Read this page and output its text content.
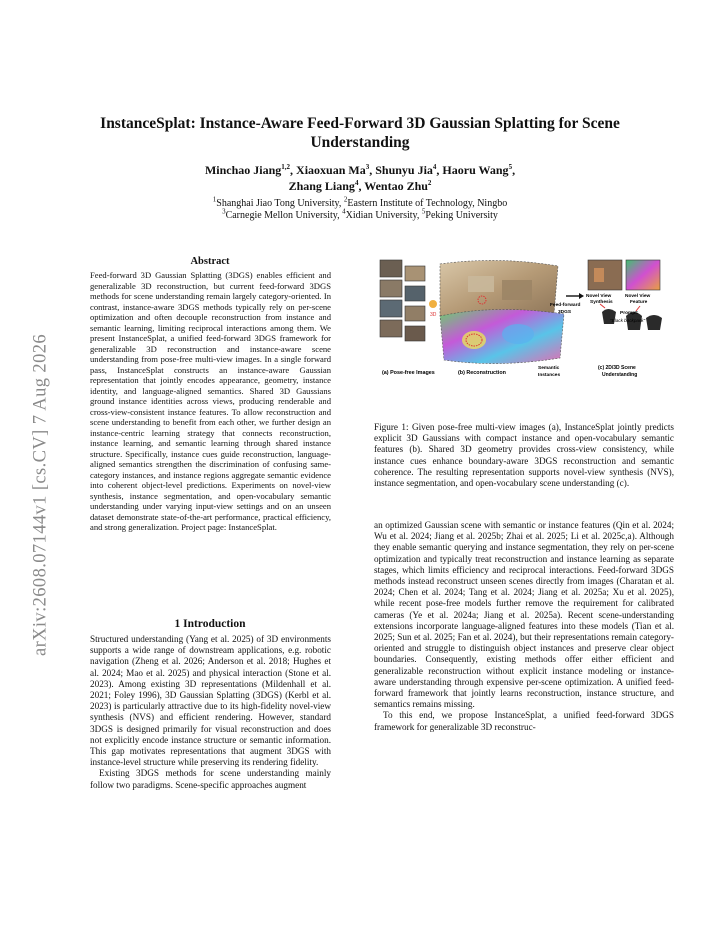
arXiv:2608.07144v1 [cs.CV] 7 Aug 2026
InstanceSplat: Instance-Aware Feed-Forward 3D Gaussian Splatting for Scene Understanding
Minchao Jiang$^{1,2}$, Xiaoxuan Ma$^3$, Shunyu Jia$^4$, Haoru Wang$^5$,
Zhang Liang$^4$, Wentao Zhu$^2$
$^1$Shanghai Jiao Tong University, $^2$Eastern Institute of Technology, Ningbo
$^3$Carnegie Mellon University, $^4$Xidian University, $^5$Peking University
Abstract

Feed-forward 3D Gaussian Splatting (3DGS) enables efficient and generalizable 3D reconstruction, but current feed-forward 3DGS methods for scene understanding remain largely category-oriented. In contrast, instance-aware 3DGS methods typically rely on per-scene optimization and often decouple reconstruction from instance and semantic learning, limiting reciprocal interactions among them. We present InstanceSplat, a unified feed-forward 3DGS framework for generalizable 3D reconstruction and instance-aware scene understanding from pose-free multi-view images. In a single forward pass, InstanceSplat constructs an instance-aware Gaussian representation that jointly encodes appearance, geometry, instance identity, and language-aligned semantics. Shared 3D Gaussians ground instance identities across views, producing renderable and cross-view-consistent instance features. To allow reconstruction and scene understanding to benefit from each other, we further design an instance-centric learning strategy that connects reconstruction, instance learning, and semantic learning through shared instance structure. Specifically, instance cues guide reconstruction, language-aligned semantics strengthen the discrimination of confusing same-category instances, and instance regions aggregate semantic evidence into coherent object-level predictions. Experiments on novel-view synthesis, instance segmentation, and open-vocabulary semantic understanding under varying input-view settings and on an unseen dataset demonstrate state-of-the-art performance, practical efficiency, and strong generalization. Project page: InstanceSplat.

1 Introduction

Structured understanding (Yang et al. 2025) of 3D environments supports a wide range of downstream applications, e.g. robotic navigation (Zheng et al. 2026; Anderson et al. 2018; Hughes et al. 2024; Mao et al. 2025) and physical interaction (Stone et al. 2023). Among existing 3D representations (Mildenhall et al. 2021; Foley 1996), 3D Gaussian Splatting (3DGS) (Kerbl et al. 2023) is particularly attractive due to its high-fidelity novel-view synthesis (NVS) and efficient rendering. However, standard 3DGS is designed primarily for visual reconstruction and does not explicitly encode instance structure or semantic information. This gap motivates representations that augment 3DGS with instance-level structure while preserving its rendering fidelity.

Existing 3DGS methods for scene understanding mainly follow two paradigms. Scene-specific approaches augment

3D
(a) Pose-free Images	(b) Reconstruction
Semantic
Instances
Feed-forward
3DGS
Novel View
Synthesis
Novel View
Feature
Prompt:
"Black backpack"
(c) 2D/3D Scene
Understanding

Figure 1: Given pose-free multi-view images (a), InstanceSplat jointly predicts explicit 3D Gaussians with compact instance and open-vocabulary semantic features (b). Shared 3D geometry provides cross-view consistency, while instance cues enhance boundary-aware 3DGS reconstruction and semantic coherence. The resulting representation supports novel-view synthesis (NVS), instance segmentation, and open-vocabulary scene understanding (c).

an optimized Gaussian scene with semantic or instance features (Qin et al. 2024; Wu et al. 2024; Jiang et al. 2025b; Zhai et al. 2025; Li et al. 2025c,a). Although they enable semantic querying and instance segmentation, they rely on per-scene optimization and typically treat reconstruction and instance learning as separate stages, which limits efficiency and reciprocal interactions. Feed-forward 3DGS methods instead reconstruct unseen scenes directly from images (Charatan et al. 2024; Chen et al. 2024; Tang et al. 2024; Jiang et al. 2025a; Xu et al. 2025), while recent pose-free models further remove the requirement for calibrated cameras (Ye et al. 2024a; Jiang et al. 2025a). Recent scene-understanding extensions incorporate language-aligned features into these models (Tian et al. 2025; Sun et al. 2025; Fan et al. 2024), but their representations remain category-oriented and struggle to distinguish object instances and preserve clear object boundaries. Consequently, existing methods offer either efficient and generalizable reconstruction without explicit instance modeling or instance-aware understanding through expensive per-scene optimization. A unified feed-forward framework that jointly learns reconstruction, instance structure, and semantics remains missing.

To this end, we propose InstanceSplat, a unified feed-forward 3DGS framework for generalizable 3D reconstruc-
